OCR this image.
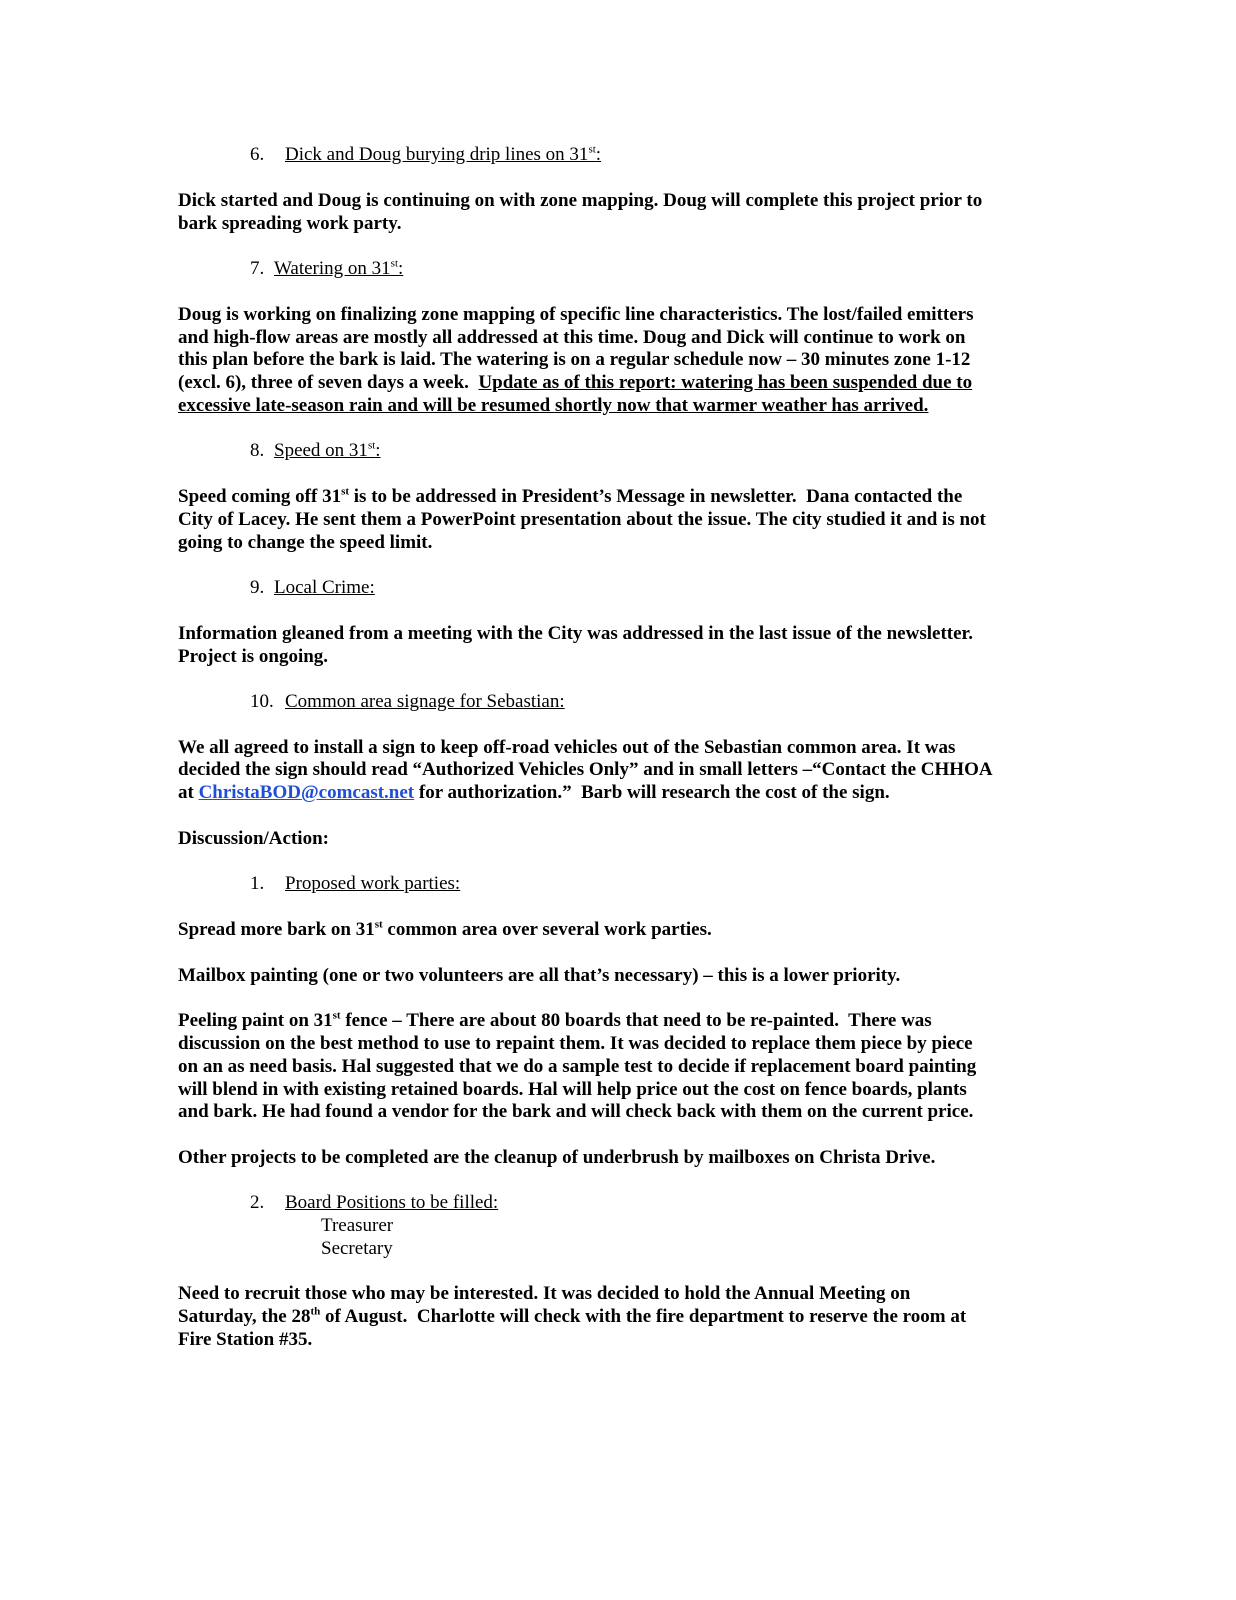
6. Dick and Doug burying drip lines on 31st:
Dick started and Doug is continuing on with zone mapping. Doug will complete this project prior to
bark spreading work party.
7. Watering on 31st:
Doug is working on finalizing zone mapping of specific line characteristics. The lost/failed emitters
and high-flow areas are mostly all addressed at this time. Doug and Dick will continue to work on
this plan before the bark is laid. The watering is on a regular schedule now – 30 minutes zone 1-12
(excl. 6), three of seven days a week.  Update as of this report: watering has been suspended due to
excessive late-season rain and will be resumed shortly now that warmer weather has arrived.
8. Speed on 31st:
Speed coming off 31st is to be addressed in President’s Message in newsletter.  Dana contacted the
City of Lacey. He sent them a PowerPoint presentation about the issue. The city studied it and is not
going to change the speed limit.
9. Local Crime:
Information gleaned from a meeting with the City was addressed in the last issue of the newsletter.
Project is ongoing.
10. Common area signage for Sebastian:
We all agreed to install a sign to keep off-road vehicles out of the Sebastian common area. It was
decided the sign should read “Authorized Vehicles Only” and in small letters –“Contact the CHHOA
at ChristaBOD@comcast.net for authorization.”  Barb will research the cost of the sign.
Discussion/Action:
1. Proposed work parties:
Spread more bark on 31st common area over several work parties.
Mailbox painting (one or two volunteers are all that’s necessary) – this is a lower priority.
Peeling paint on 31st fence – There are about 80 boards that need to be re-painted.  There was
discussion on the best method to use to repaint them. It was decided to replace them piece by piece
on an as need basis. Hal suggested that we do a sample test to decide if replacement board painting
will blend in with existing retained boards. Hal will help price out the cost on fence boards, plants
and bark. He had found a vendor for the bark and will check back with them on the current price.
Other projects to be completed are the cleanup of underbrush by mailboxes on Christa Drive.
2. Board Positions to be filled:
Treasurer
Secretary
Need to recruit those who may be interested. It was decided to hold the Annual Meeting on
Saturday, the 28th of August.  Charlotte will check with the fire department to reserve the room at
Fire Station #35.
